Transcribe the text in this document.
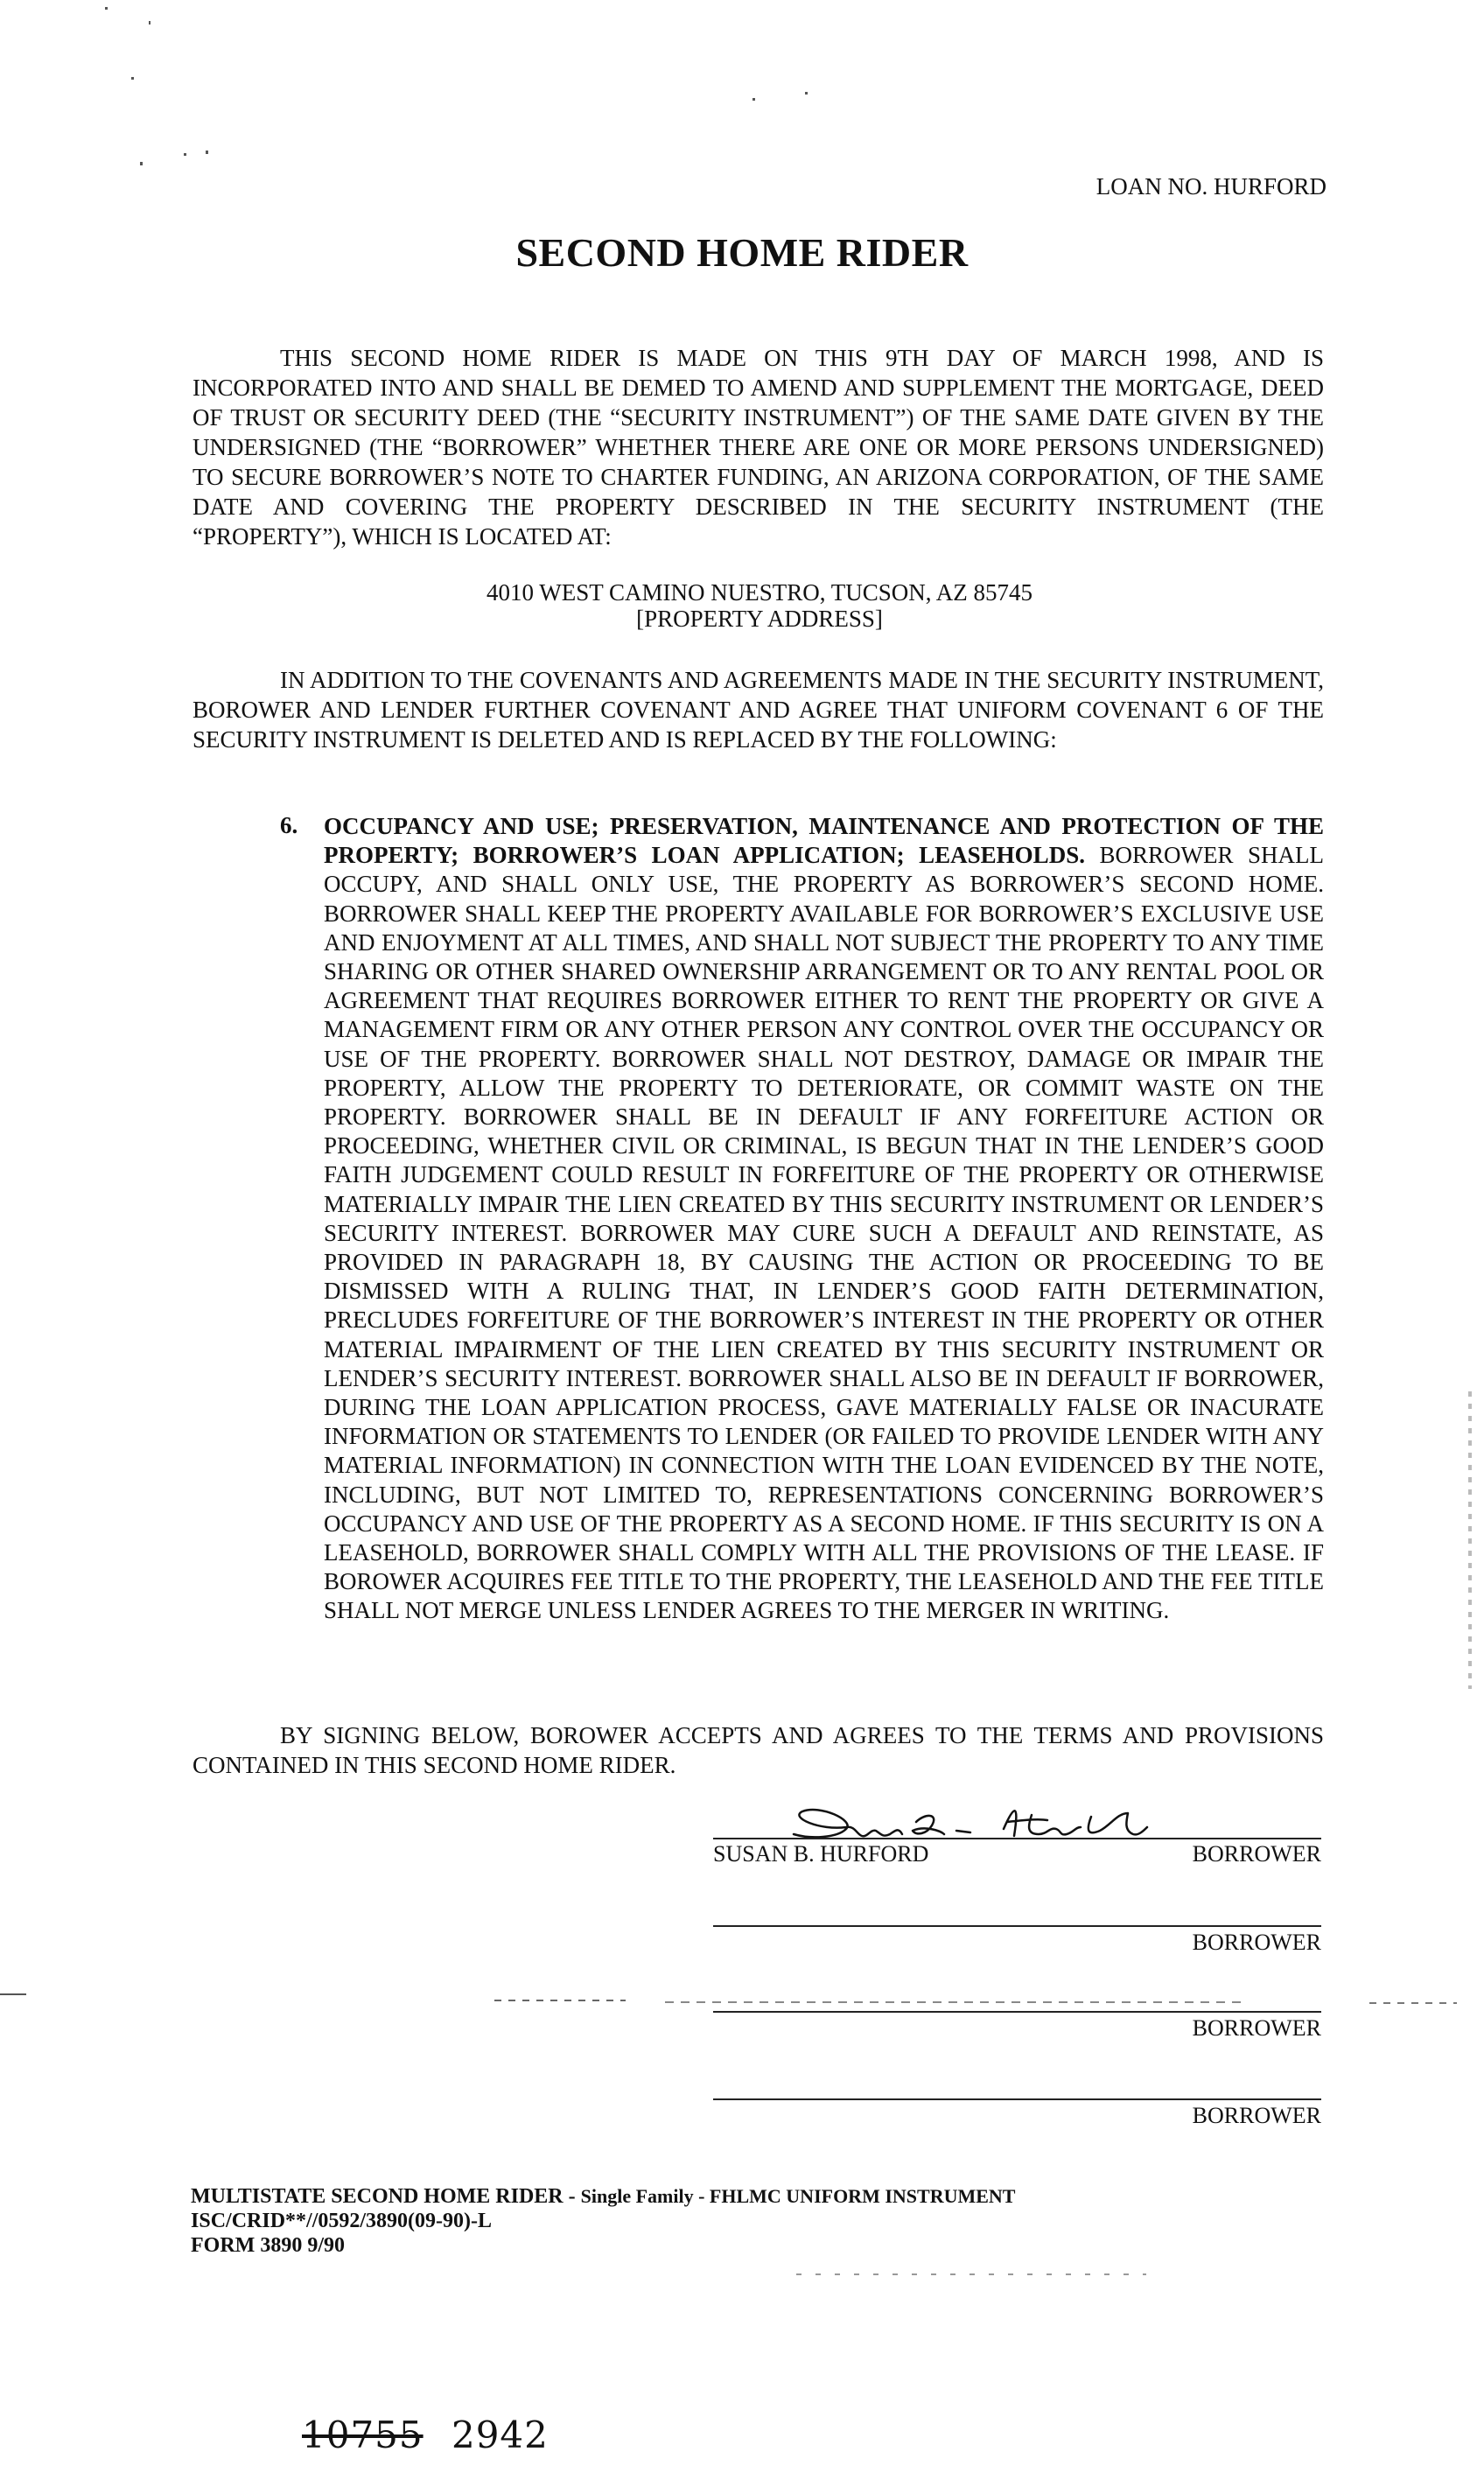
LOAN NO. HURFORD
SECOND HOME RIDER

THIS SECOND HOME RIDER IS MADE ON THIS 9TH DAY OF MARCH 1998, AND IS INCORPORATED INTO AND SHALL BE DEMED TO AMEND AND SUPPLEMENT THE MORTGAGE, DEED OF TRUST OR SECURITY DEED (THE “SECURITY INSTRUMENT”) OF THE SAME DATE GIVEN BY THE UNDERSIGNED (THE “BORROWER” WHETHER THERE ARE ONE OR MORE PERSONS UNDERSIGNED) TO SECURE BORROWER’S NOTE TO CHARTER FUNDING, AN ARIZONA CORPORATION, OF THE SAME DATE AND COVERING THE PROPERTY DESCRIBED IN THE SECURITY INSTRUMENT (THE “PROPERTY”), WHICH IS LOCATED AT:

4010 WEST CAMINO NUESTRO, TUCSON, AZ 85745
[PROPERTY ADDRESS]

IN ADDITION TO THE COVENANTS AND AGREEMENTS MADE IN THE SECURITY INSTRUMENT, BOROWER AND LENDER FURTHER COVENANT AND AGREE THAT UNIFORM COVENANT 6 OF THE SECURITY INSTRUMENT IS DELETED AND IS REPLACED BY THE FOLLOWING:

6. OCCUPANCY AND USE; PRESERVATION, MAINTENANCE AND PROTECTION OF THE PROPERTY; BORROWER’S LOAN APPLICATION; LEASEHOLDS. BORROWER SHALL OCCUPY, AND SHALL ONLY USE, THE PROPERTY AS BORROWER’S SECOND HOME. BORROWER SHALL KEEP THE PROPERTY AVAILABLE FOR BORROWER’S EXCLUSIVE USE AND ENJOYMENT AT ALL TIMES, AND SHALL NOT SUBJECT THE PROPERTY TO ANY TIME SHARING OR OTHER SHARED OWNERSHIP ARRANGEMENT OR TO ANY RENTAL POOL OR AGREEMENT THAT REQUIRES BORROWER EITHER TO RENT THE PROPERTY OR GIVE A MANAGEMENT FIRM OR ANY OTHER PERSON ANY CONTROL OVER THE OCCUPANCY OR USE OF THE PROPERTY. BORROWER SHALL NOT DESTROY, DAMAGE OR IMPAIR THE PROPERTY, ALLOW THE PROPERTY TO DETERIORATE, OR COMMIT WASTE ON THE PROPERTY. BORROWER SHALL BE IN DEFAULT IF ANY FORFEITURE ACTION OR PROCEEDING, WHETHER CIVIL OR CRIMINAL, IS BEGUN THAT IN THE LENDER’S GOOD FAITH JUDGEMENT COULD RESULT IN FORFEITURE OF THE PROPERTY OR OTHERWISE MATERIALLY IMPAIR THE LIEN CREATED BY THIS SECURITY INSTRUMENT OR LENDER’S SECURITY INTEREST. BORROWER MAY CURE SUCH A DEFAULT AND REINSTATE, AS PROVIDED IN PARAGRAPH 18, BY CAUSING THE ACTION OR PROCEEDING TO BE DISMISSED WITH A RULING THAT, IN LENDER’S GOOD FAITH DETERMINATION, PRECLUDES FORFEITURE OF THE BORROWER’S INTEREST IN THE PROPERTY OR OTHER MATERIAL IMPAIRMENT OF THE LIEN CREATED BY THIS SECURITY INSTRUMENT OR LENDER’S SECURITY INTEREST. BORROWER SHALL ALSO BE IN DEFAULT IF BORROWER, DURING THE LOAN APPLICATION PROCESS, GAVE MATERIALLY FALSE OR INACURATE INFORMATION OR STATEMENTS TO LENDER (OR FAILED TO PROVIDE LENDER WITH ANY MATERIAL INFORMATION) IN CONNECTION WITH THE LOAN EVIDENCED BY THE NOTE, INCLUDING, BUT NOT LIMITED TO, REPRESENTATIONS CONCERNING BORROWER’S OCCUPANCY AND USE OF THE PROPERTY AS A SECOND HOME. IF THIS SECURITY IS ON A LEASEHOLD, BORROWER SHALL COMPLY WITH ALL THE PROVISIONS OF THE LEASE. IF BOROWER ACQUIRES FEE TITLE TO THE PROPERTY, THE LEASEHOLD AND THE FEE TITLE SHALL NOT MERGE UNLESS LENDER AGREES TO THE MERGER IN WRITING.

BY SIGNING BELOW, BOROWER ACCEPTS AND AGREES TO THE TERMS AND PROVISIONS CONTAINED IN THIS SECOND HOME RIDER.

SUSAN B. HURFORD	BORROWER
BORROWER
BORROWER
BORROWER
MULTISTATE SECOND HOME RIDER - Single Family - FHLMC UNIFORM INSTRUMENT
ISC/CRID**//0592/3890(09-90)-L
FORM 3890 9/90
10755 2942
